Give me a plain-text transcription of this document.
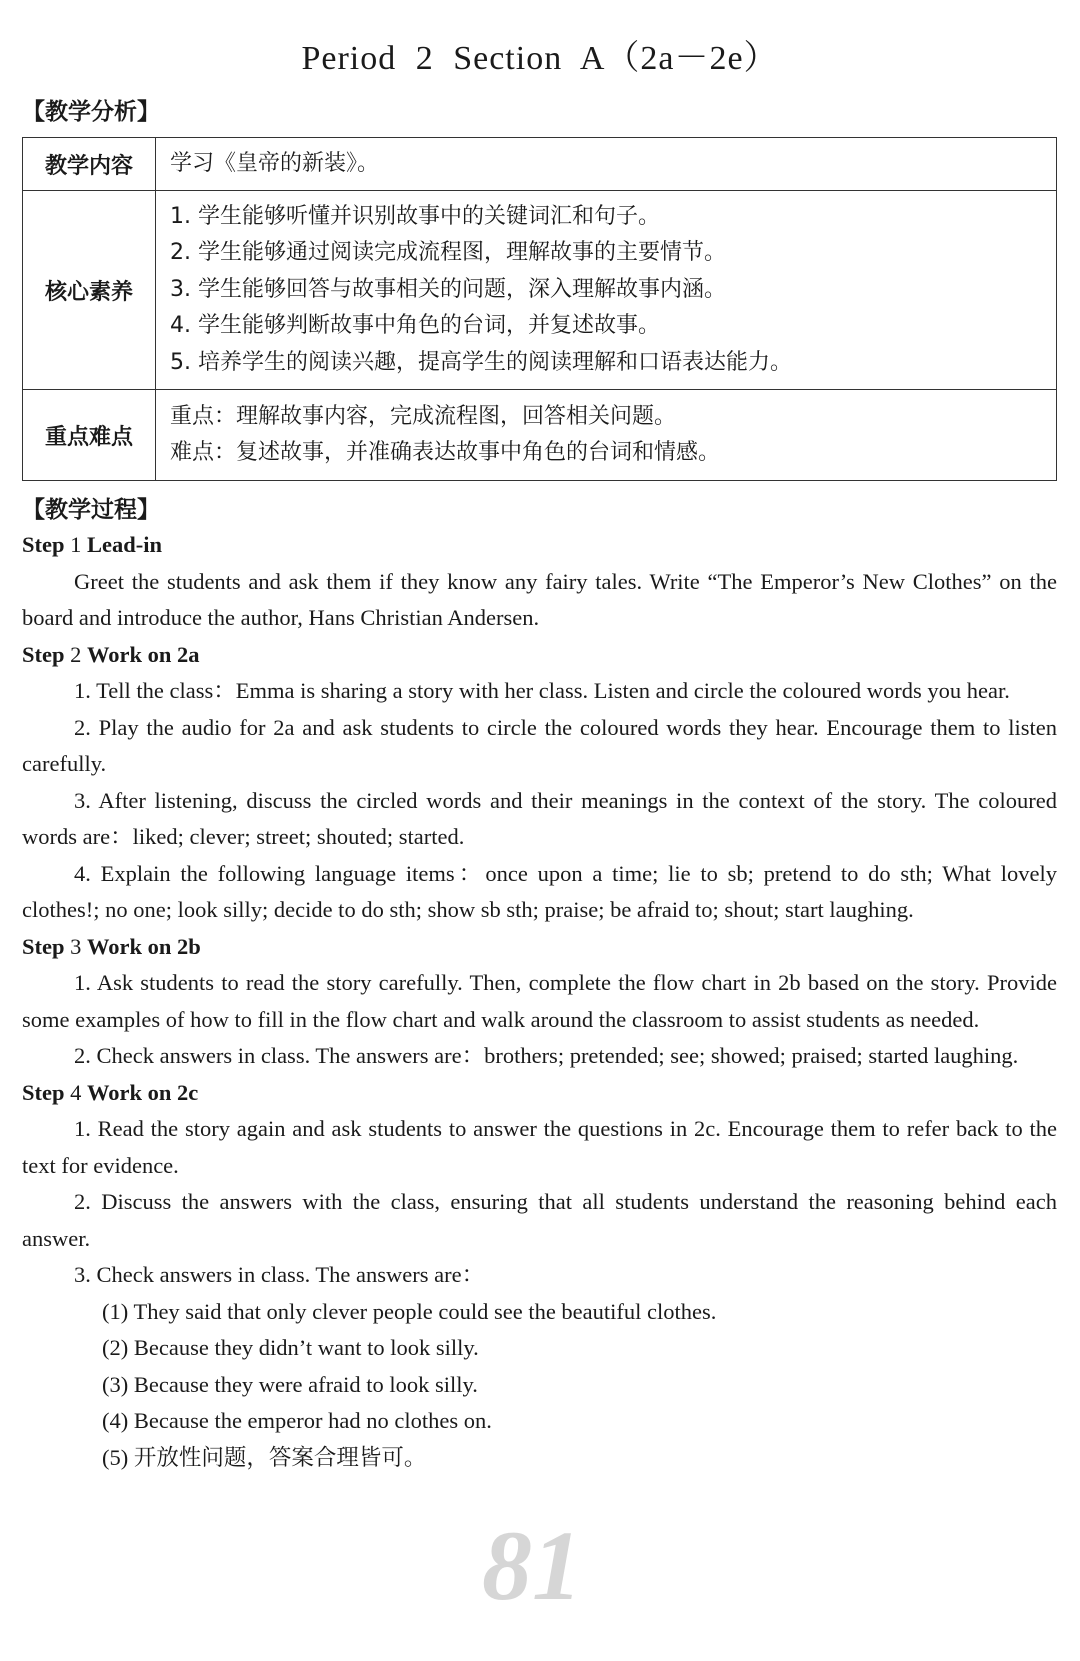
Period 2 Section A（2a－2e）
【教学分析】
教学内容	学习《皇帝的新装》。
核心素养	1. 学生能够听懂并识别故事中的关键词汇和句子。
2. 学生能够通过阅读完成流程图，理解故事的主要情节。
3. 学生能够回答与故事相关的问题，深入理解故事内涵。
4. 学生能够判断故事中角色的台词，并复述故事。
5. 培养学生的阅读兴趣，提高学生的阅读理解和口语表达能力。

重点难点	重点：理解故事内容，完成流程图，回答相关问题。
难点：复述故事，并准确表达故事中角色的台词和情感。
【教学过程】

Step 1 Lead-in

Greet the students and ask them if they know any fairy tales. Write “The Emperor’s New Clothes” on the board and introduce the author, Hans Christian Andersen.

Step 2 Work on 2a

1. Tell the class：Emma is sharing a story with her class. Listen and circle the coloured words you hear.

2. Play the audio for 2a and ask students to circle the coloured words they hear. Encourage them to listen carefully.

3. After listening, discuss the circled words and their meanings in the context of the story. The coloured words are：liked; clever; street; shouted; started.

4. Explain the following language items：once upon a time; lie to sb; pretend to do sth; What lovely clothes!; no one; look silly; decide to do sth; show sb sth; praise; be afraid to; shout; start laughing.

Step 3 Work on 2b

1. Ask students to read the story carefully. Then, complete the flow chart in 2b based on the story. Provide some examples of how to fill in the flow chart and walk around the classroom to assist students as needed.

2. Check answers in class. The answers are：brothers; pretended; see; showed; praised; started laughing.

Step 4 Work on 2c

1. Read the story again and ask students to answer the questions in 2c. Encourage them to refer back to the text for evidence.

2. Discuss the answers with the class, ensuring that all students understand the reasoning behind each answer.

3. Check answers in class. The answers are：

(1) They said that only clever people could see the beautiful clothes.

(2) Because they didn’t want to look silly.

(3) Because they were afraid to look silly.

(4) Because the emperor had no clothes on.

(5) 开放性问题，答案合理皆可。

81
